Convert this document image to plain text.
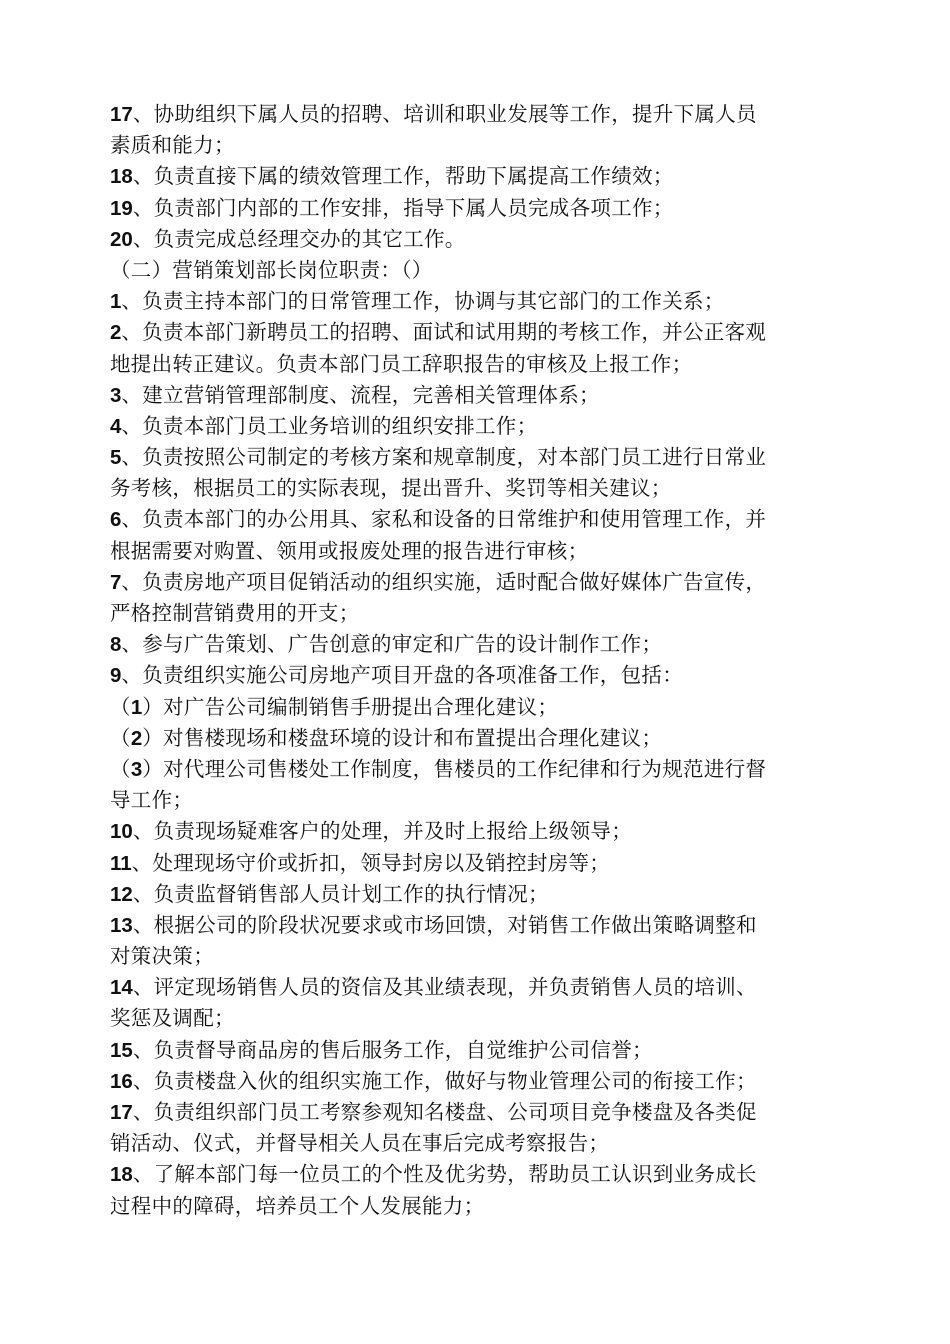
17、协助组织下属人员的招聘、培训和职业发展等工作，提升下属人员
素质和能力；
18、负责直接下属的绩效管理工作，帮助下属提高工作绩效；
19、负责部门内部的工作安排，指导下属人员完成各项工作；
20、负责完成总经理交办的其它工作。
（二）营销策划部长岗位职责：（）
1、负责主持本部门的日常管理工作，协调与其它部门的工作关系；
2、负责本部门新聘员工的招聘、面试和试用期的考核工作，并公正客观
地提出转正建议。负责本部门员工辞职报告的审核及上报工作；
3、建立营销管理部制度、流程，完善相关管理体系；
4、负责本部门员工业务培训的组织安排工作；
5、负责按照公司制定的考核方案和规章制度，对本部门员工进行日常业
务考核，根据员工的实际表现，提出晋升、奖罚等相关建议；
6、负责本部门的办公用具、家私和设备的日常维护和使用管理工作，并
根据需要对购置、领用或报废处理的报告进行审核；
7、负责房地产项目促销活动的组织实施，适时配合做好媒体广告宣传，
严格控制营销费用的开支；
8、参与广告策划、广告创意的审定和广告的设计制作工作；
9、负责组织实施公司房地产项目开盘的各项准备工作，包括：
（1）对广告公司编制销售手册提出合理化建议；
（2）对售楼现场和楼盘环境的设计和布置提出合理化建议；
（3）对代理公司售楼处工作制度，售楼员的工作纪律和行为规范进行督
导工作；
10、负责现场疑难客户的处理，并及时上报给上级领导；
11、处理现场守价或折扣，领导封房以及销控封房等；
12、负责监督销售部人员计划工作的执行情况；
13、根据公司的阶段状况要求或市场回馈，对销售工作做出策略调整和
对策决策；
14、评定现场销售人员的资信及其业绩表现，并负责销售人员的培训、
奖惩及调配；
15、负责督导商品房的售后服务工作，自觉维护公司信誉；
16、负责楼盘入伙的组织实施工作，做好与物业管理公司的衔接工作；
17、负责组织部门员工考察参观知名楼盘、公司项目竞争楼盘及各类促
销活动、仪式，并督导相关人员在事后完成考察报告；
18、了解本部门每一位员工的个性及优劣势，帮助员工认识到业务成长
过程中的障碍，培养员工个人发展能力；
